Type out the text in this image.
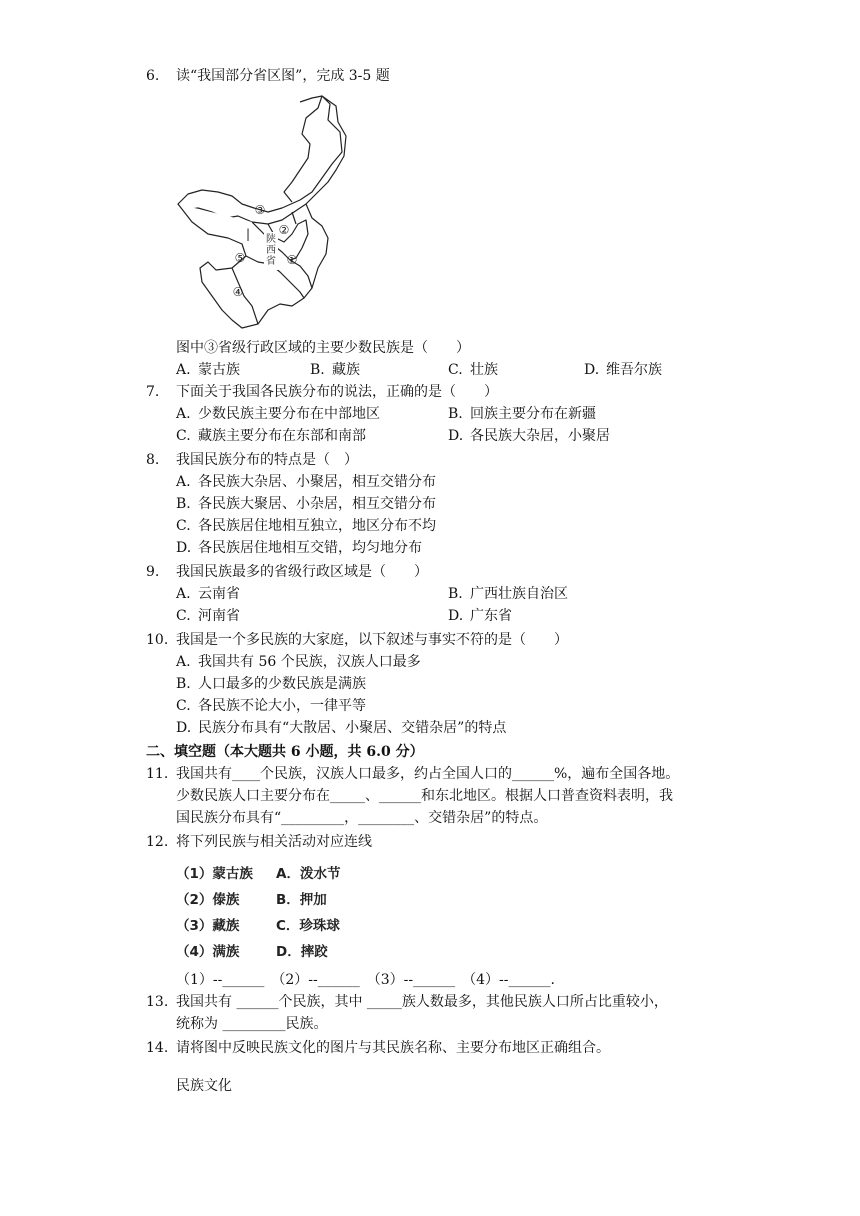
6. 读“我国部分省区图”，完成 3-5 题
陕西省
③
②
①
⑤
④
|
图中③省级行政区域的主要少数民族是（　　）
A. 蒙古族	B. 藏族	C. 壮族	D. 维吾尔族
7. 下面关于我国各民族分布的说法，正确的是（　　）
A. 少数民族主要分布在中部地区	B. 回族主要分布在新疆
C. 藏族主要分布在东部和南部	D. 各民族大杂居，小聚居
8. 我国民族分布的特点是（　）
A. 各民族大杂居、小聚居，相互交错分布
B. 各民族大聚居、小杂居，相互交错分布
C. 各民族居住地相互独立，地区分布不均
D. 各民族居住地相互交错，均匀地分布
9. 我国民族最多的省级行政区域是（　　）
A. 云南省	B. 广西壮族自治区
C. 河南省	D. 广东省
10. 我国是一个多民族的大家庭，以下叙述与事实不符的是（　　）
A. 我国共有 56 个民族，汉族人口最多
B. 人口最多的少数民族是满族
C. 各民族不论大小，一律平等
D. 民族分布具有“大散居、小聚居、交错杂居”的特点
二、填空题（本大题共 6 小题，共 6.0 分）
11. 我国共有____个民族，汉族人口最多，约占全国人口的______%，遍布全国各地。
少数民族人口主要分布在_____、______和东北地区。根据人口普查资料表明，我
国民族分布具有“_________，________、交错杂居”的特点。
12. 将下列民族与相关活动对应连线
（1）蒙古族 A．泼水节
（2）傣族	B．押加
（3）藏族	C．珍珠球
（4）满族	D．摔跤
（1）--______　（2）--______　（3）--______　（4）--______.
13. 我国共有 ______个民族，其中 _____族人数最多，其他民族人口所占比重较小，
统称为 _________民族。
14. 请将图中反映民族文化的图片与其民族名称、主要分布地区正确组合。
民族文化
